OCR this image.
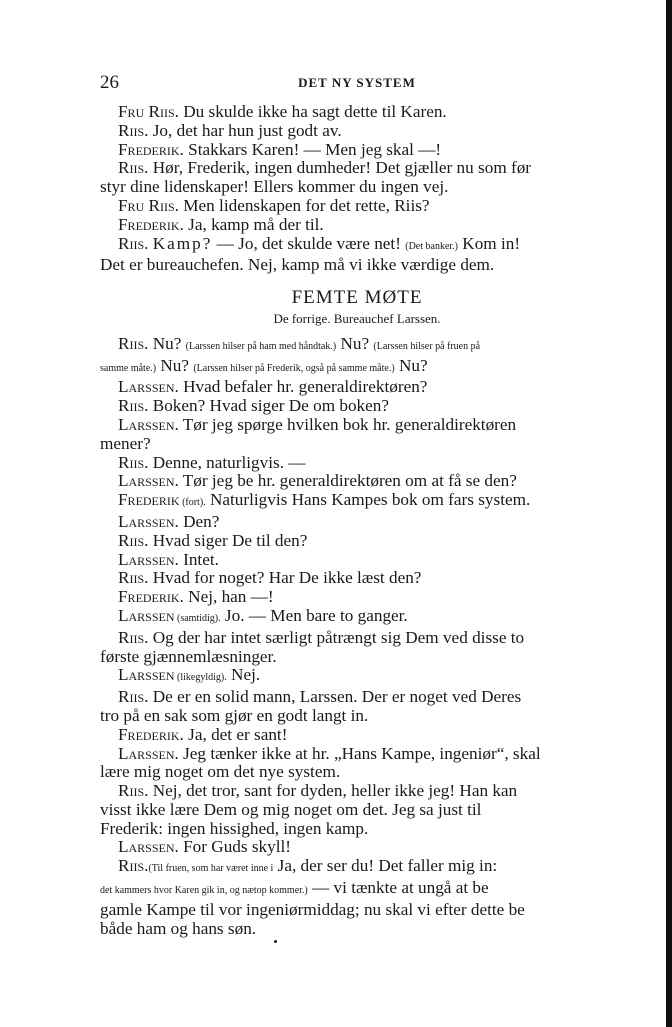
26	DET NY SYSTEM
Fru Riis. Du skulde ikke ha sagt dette til Karen.
Riis. Jo, det har hun just godt av.
Frederik. Stakkars Karen! — Men jeg skal —!
Riis. Hør, Frederik, ingen dumheder! Det gjæller nu som før
styr dine lidenskaper! Ellers kommer du ingen vej.
Fru Riis. Men lidenskapen for det rette, Riis?
Frederik. Ja, kamp må der til.
Riis. Kamp? — Jo, det skulde være net! (Det banker.) Kom in!
Det er bureauchefen. Nej, kamp må vi ikke værdige dem.
FEMTE MØTE
De forrige. Bureauchef Larssen.
Riis. Nu? (Larssen hilser på ham med håndtak.) Nu? (Larssen hilser på fruen på
samme måte.) Nu? (Larssen hilser på Frederik, også på samme måte.) Nu?
Larssen. Hvad befaler hr. generaldirektøren?
Riis. Boken? Hvad siger De om boken?
Larssen. Tør jeg spørge hvilken bok hr. generaldirektøren
mener?
Riis. Denne, naturligvis. —
Larssen. Tør jeg be hr. generaldirektøren om at få se den?
Frederik (fort). Naturligvis Hans Kampes bok om fars system.
Larssen. Den?
Riis. Hvad siger De til den?
Larssen. Intet.
Riis. Hvad for noget? Har De ikke læst den?
Frederik. Nej, han —!
Larssen (samtidig). Jo. — Men bare to ganger.
Riis. Og der har intet særligt påtrængt sig Dem ved disse to
første gjænnemlæsninger.
Larssen (likegyldig). Nej.
Riis. De er en solid mann, Larssen. Der er noget ved Deres
tro på en sak som gjør en godt langt in.
Frederik. Ja, det er sant!
Larssen. Jeg tænker ikke at hr. „Hans Kampe, ingeniør“, skal
lære mig noget om det nye system.
Riis. Nej, det tror, sant for dyden, heller ikke jeg! Han kan
visst ikke lære Dem og mig noget om det. Jeg sa just til
Frederik: ingen hissighed, ingen kamp.
Larssen. For Guds skyll!
Riis.(Til fruen, som har været inne i Ja, der ser du! Det faller mig in:
det kammers hvor Karen gik in, og nætop kommer.) — vi tænkte at ungå at be
gamle Kampe til vor ingeniørmiddag; nu skal vi efter dette be
både ham og hans søn.
